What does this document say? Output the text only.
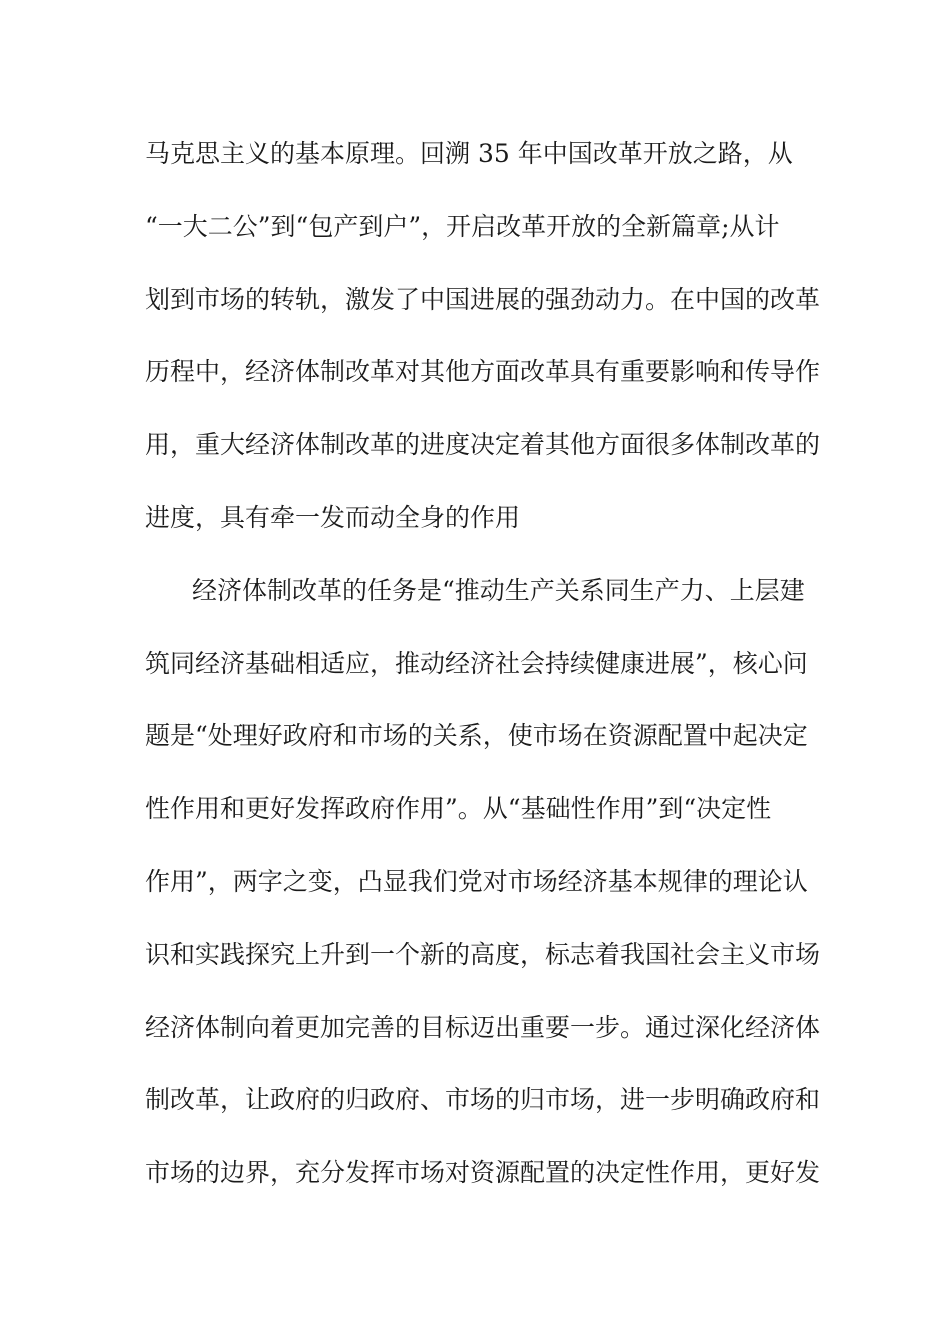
马克思主义的基本原理。回溯 35 年中国改革开放之路，从
“一大二公”到“包产到户”，开启改革开放的全新篇章;从计
划到市场的转轨，激发了中国进展的强劲动力。在中国的改革
历程中，经济体制改革对其他方面改革具有重要影响和传导作
用，重大经济体制改革的进度决定着其他方面很多体制改革的
进度，具有牵一发而动全身的作用
经济体制改革的任务是“推动生产关系同生产力、上层建
筑同经济基础相适应，推动经济社会持续健康进展”，核心问
题是“处理好政府和市场的关系，使市场在资源配置中起决定
性作用和更好发挥政府作用”。从“基础性作用”到“决定性
作用”，两字之变，凸显我们党对市场经济基本规律的理论认
识和实践探究上升到一个新的高度，标志着我国社会主义市场
经济体制向着更加完善的目标迈出重要一步。通过深化经济体
制改革，让政府的归政府、市场的归市场，进一步明确政府和
市场的边界，充分发挥市场对资源配置的决定性作用，更好发
